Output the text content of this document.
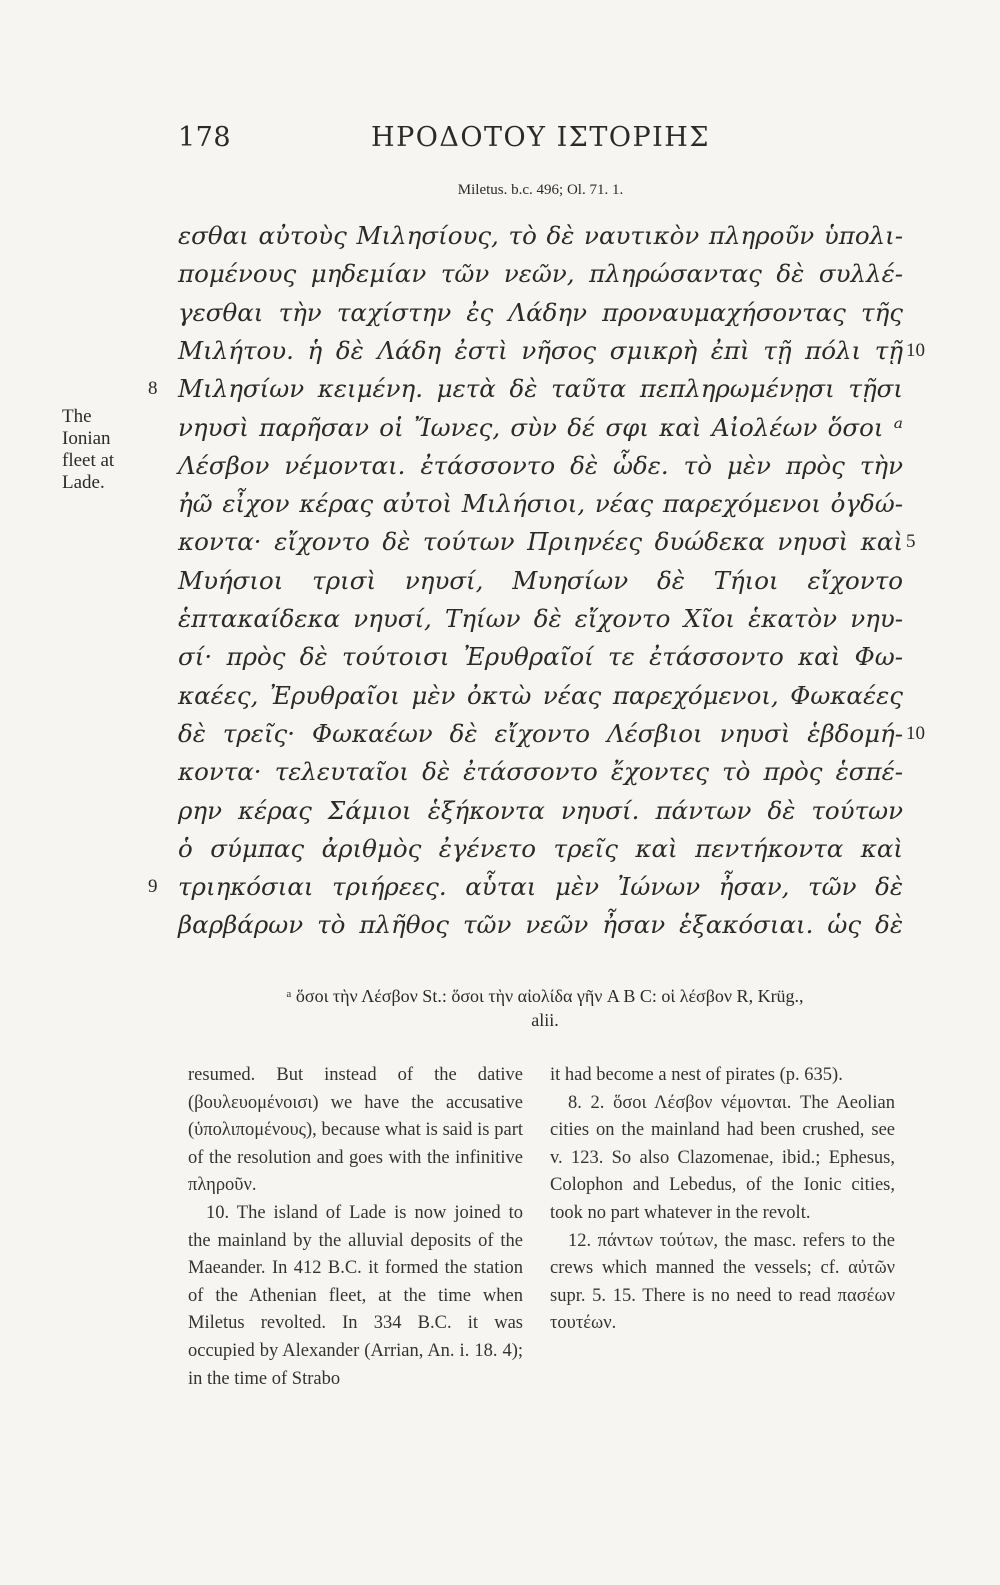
178	ΗΡΟΔΟΤΟΥ ΙΣΤΟΡΙΗΣ
Miletus. b.c. 496; Ol. 71. 1.
The Ionian fleet at Lade.
εσθαι αὐτοὺς Μιλησίους, τὸ δὲ ναυτικὸν πληροῦν ὑπολι-
πομένους μηδεμίαν τῶν νεῶν, πληρώσαντας δὲ συλλέ-
γεσθαι τὴν ταχίστην ἐς Λάδην προναυμαχήσοντας τῆς
Μιλήτου. ἡ δὲ Λάδη ἐστὶ νῆσος σμικρὴ ἐπὶ τῇ πόλι τῇ 10
Μιλησίων κειμένη. μετὰ δὲ ταῦτα πεπληρωμένῃσι τῇσι
8
νηυσὶ παρῆσαν οἱ Ἴωνες, σὺν δέ σφι καὶ Αἰολέων ὅσοι ᵃ
Λέσβον νέμονται. ἐτάσσοντο δὲ ὧδε. τὸ μὲν πρὸς τὴν
ἠῶ εἶχον κέρας αὐτοὶ Μιλήσιοι, νέας παρεχόμενοι ὀγδώ-
κοντα· εἴχοντο δὲ τούτων Πριηνέες δυώδεκα νηυσὶ καὶ 5
Μυήσιοι τρισὶ νηυσί, Μυησίων δὲ Τήιοι εἴχοντο
ἑπτακαίδεκα νηυσί, Τηίων δὲ εἴχοντο Χῖοι ἑκατὸν νηυ-
σί· πρὸς δὲ τούτοισι Ἐρυθραῖοί τε ἐτάσσοντο καὶ Φω-
καέες, Ἐρυθραῖοι μὲν ὀκτὼ νέας παρεχόμενοι, Φωκαέες
δὲ τρεῖς· Φωκαέων δὲ εἴχοντο Λέσβιοι νηυσὶ ἑβδομή- 10
κοντα· τελευταῖοι δὲ ἐτάσσοντο ἔχοντες τὸ πρὸς ἑσπέ-
ρην κέρας Σάμιοι ἑξήκοντα νηυσί. πάντων δὲ τούτων
ὁ σύμπας ἀριθμὸς ἐγένετο τρεῖς καὶ πεντήκοντα καὶ
τριηκόσιαι τριήρεες. αὗται μὲν Ἰώνων ἦσαν, τῶν δὲ
9
βαρβάρων τὸ πλῆθος τῶν νεῶν ἦσαν ἑξακόσιαι. ὡς δὲ
ᵃ ὅσοι τὴν Λέσβον St.: ὅσοι τὴν αἰολίδα γῆν A B C: οἱ λέσβον R, Krüg.,
alii.

resumed. But instead of the dative (βουλευομένοισι) we have the accusative (ὑπολιπομένους), because what is said is part of the resolution and goes with the infinitive πληροῦν.

10. The island of Lade is now joined to the mainland by the alluvial deposits of the Maeander. In 412 B.C. it formed the station of the Athenian fleet, at the time when Miletus revolted. In 334 B.C. it was occupied by Alexander (Arrian, An. i. 18. 4); in the time of Strabo

it had become a nest of pirates (p. 635).

8. 2. ὅσοι Λέσβον νέμονται. The Aeolian cities on the mainland had been crushed, see v. 123. So also Clazomenae, ibid.; Ephesus, Colophon and Lebedus, of the Ionic cities, took no part whatever in the revolt.

12. πάντων τούτων, the masc. refers to the crews which manned the vessels; cf. αὐτῶν supr. 5. 15. There is no need to read πασέων τουτέων.
